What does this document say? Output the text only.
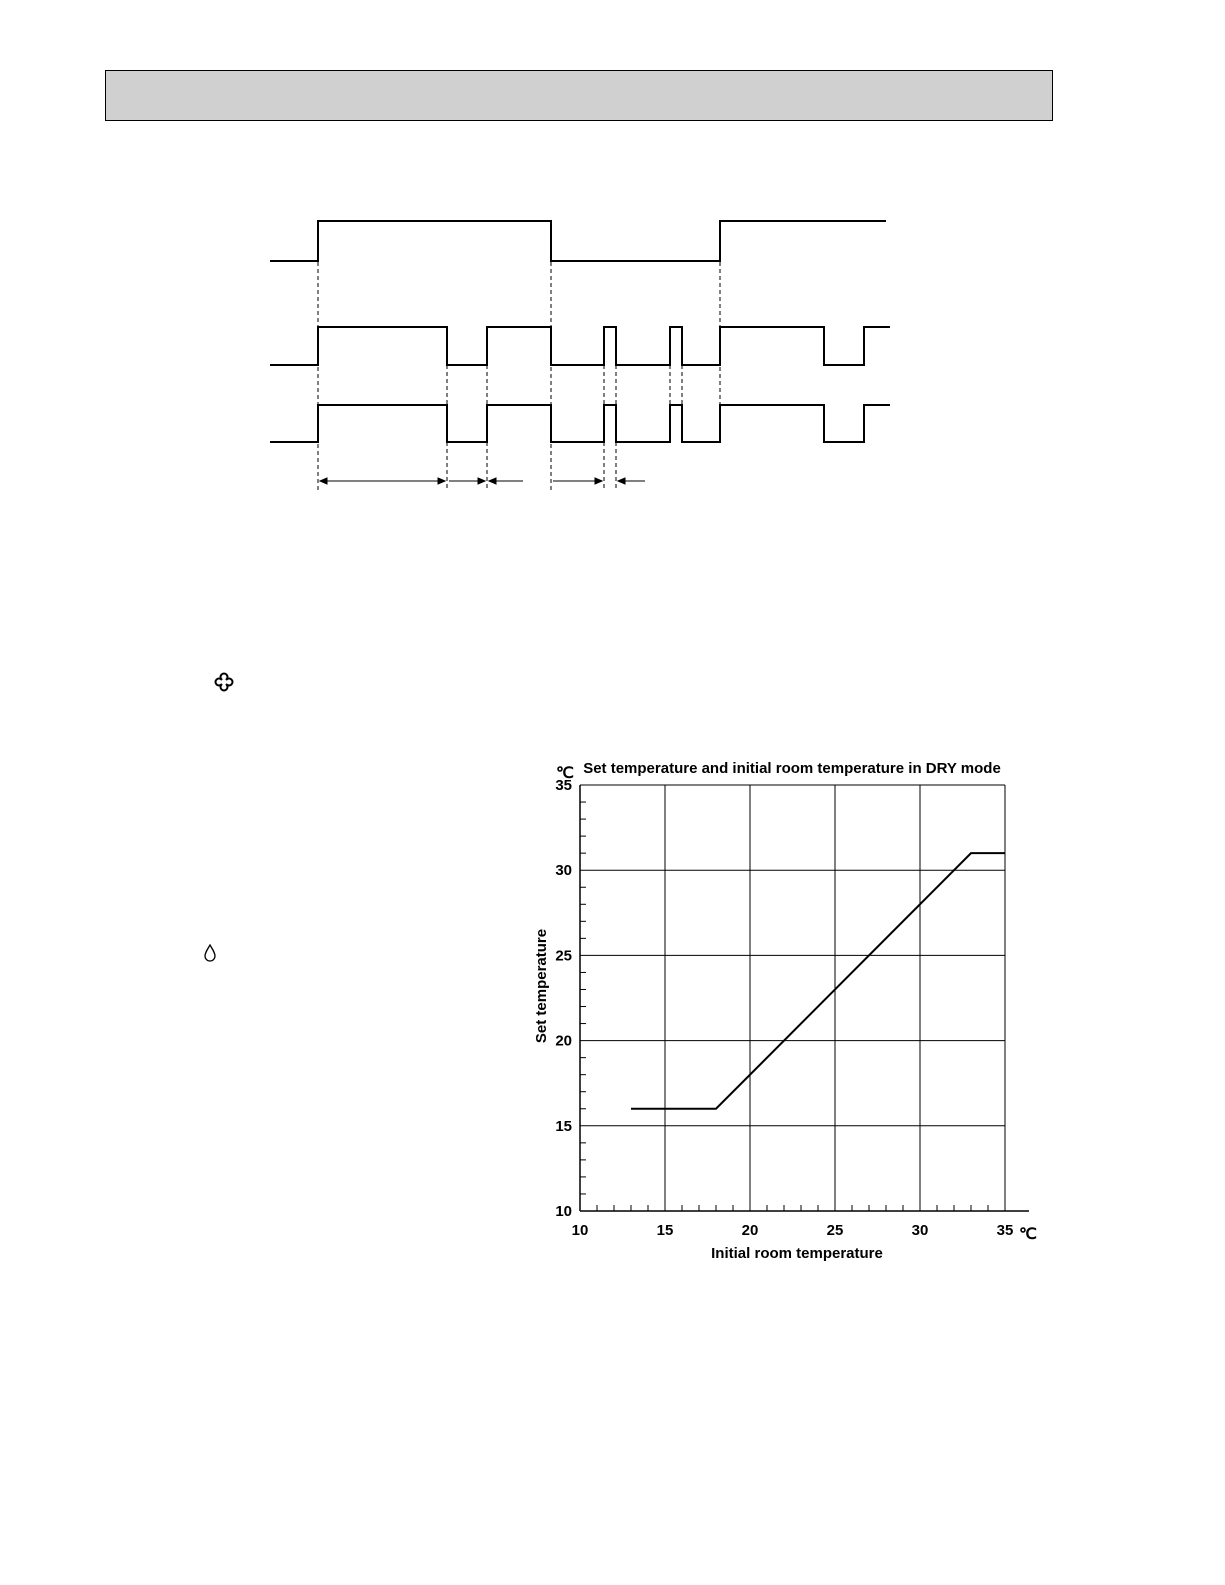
10	15	20	25	30	35
10
15
20
25
30
35
Set temperature and initial room temperature in DRY mode
Initial room temperature
Set temperature
℃
℃
